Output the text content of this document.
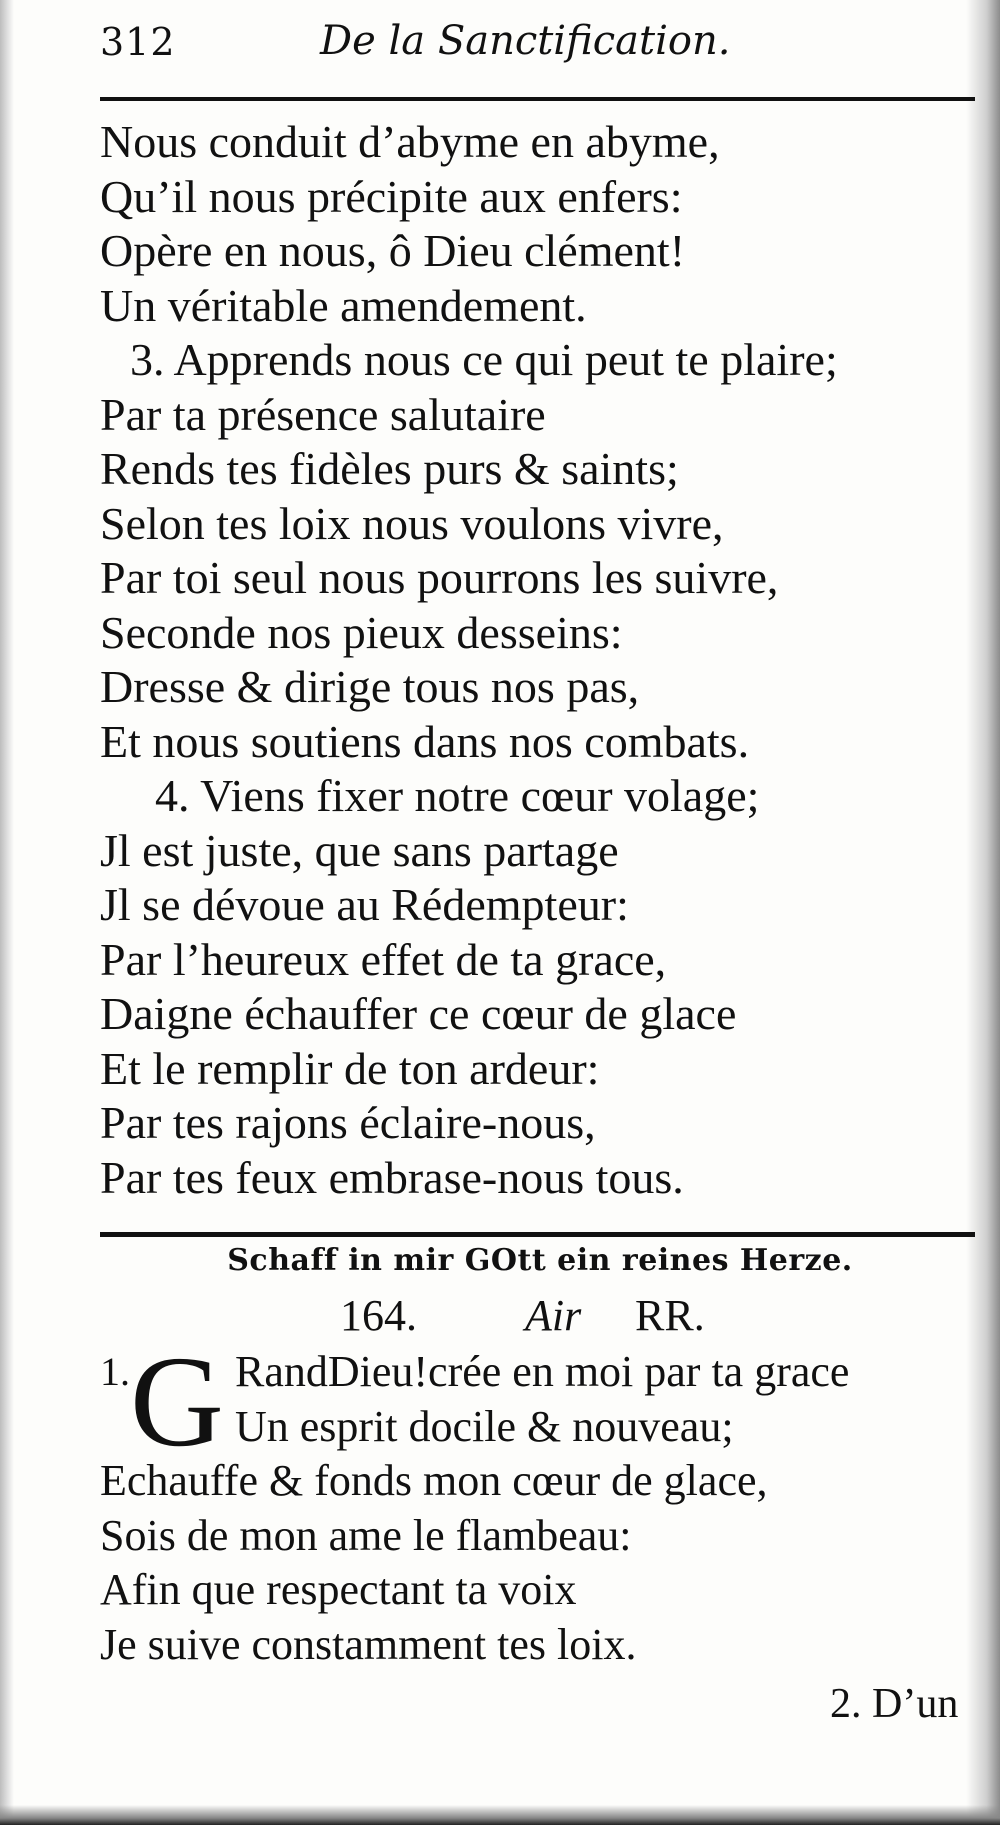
312	De la Sanctification.
Nous conduit d’abyme en abyme,
Qu’il nous précipite aux enfers:
Opère en nous, ô Dieu clément!
Un véritable amendement.
3. Apprends nous ce qui peut te plaire;
Par ta présence salutaire
Rends tes fidèles purs & saints;
Selon tes loix nous voulons vivre,
Par toi seul nous pourrons les suivre,
Seconde nos pieux desseins:
Dresse & dirige tous nos pas,
Et nous soutiens dans nos combats.
4. Viens fixer notre cœur volage;
Jl est juste, que sans partage
Jl se dévoue au Rédempteur:
Par l’heureux effet de ta grace,
Daigne échauffer ce cœur de glace
Et le remplir de ton ardeur:
Par tes rajons éclaire-nous,
Par tes feux embrase-nous tous.
Schaff in mir GOtt ein reines Herze.
164. Air RR.
1. G RandDieu!crée en moi par ta grace
Un esprit docile & nouveau;
Echauffe & fonds mon cœur de glace,
Sois de mon ame le flambeau:
Afin que respectant ta voix
Je suive constamment tes loix.
2. D’un
